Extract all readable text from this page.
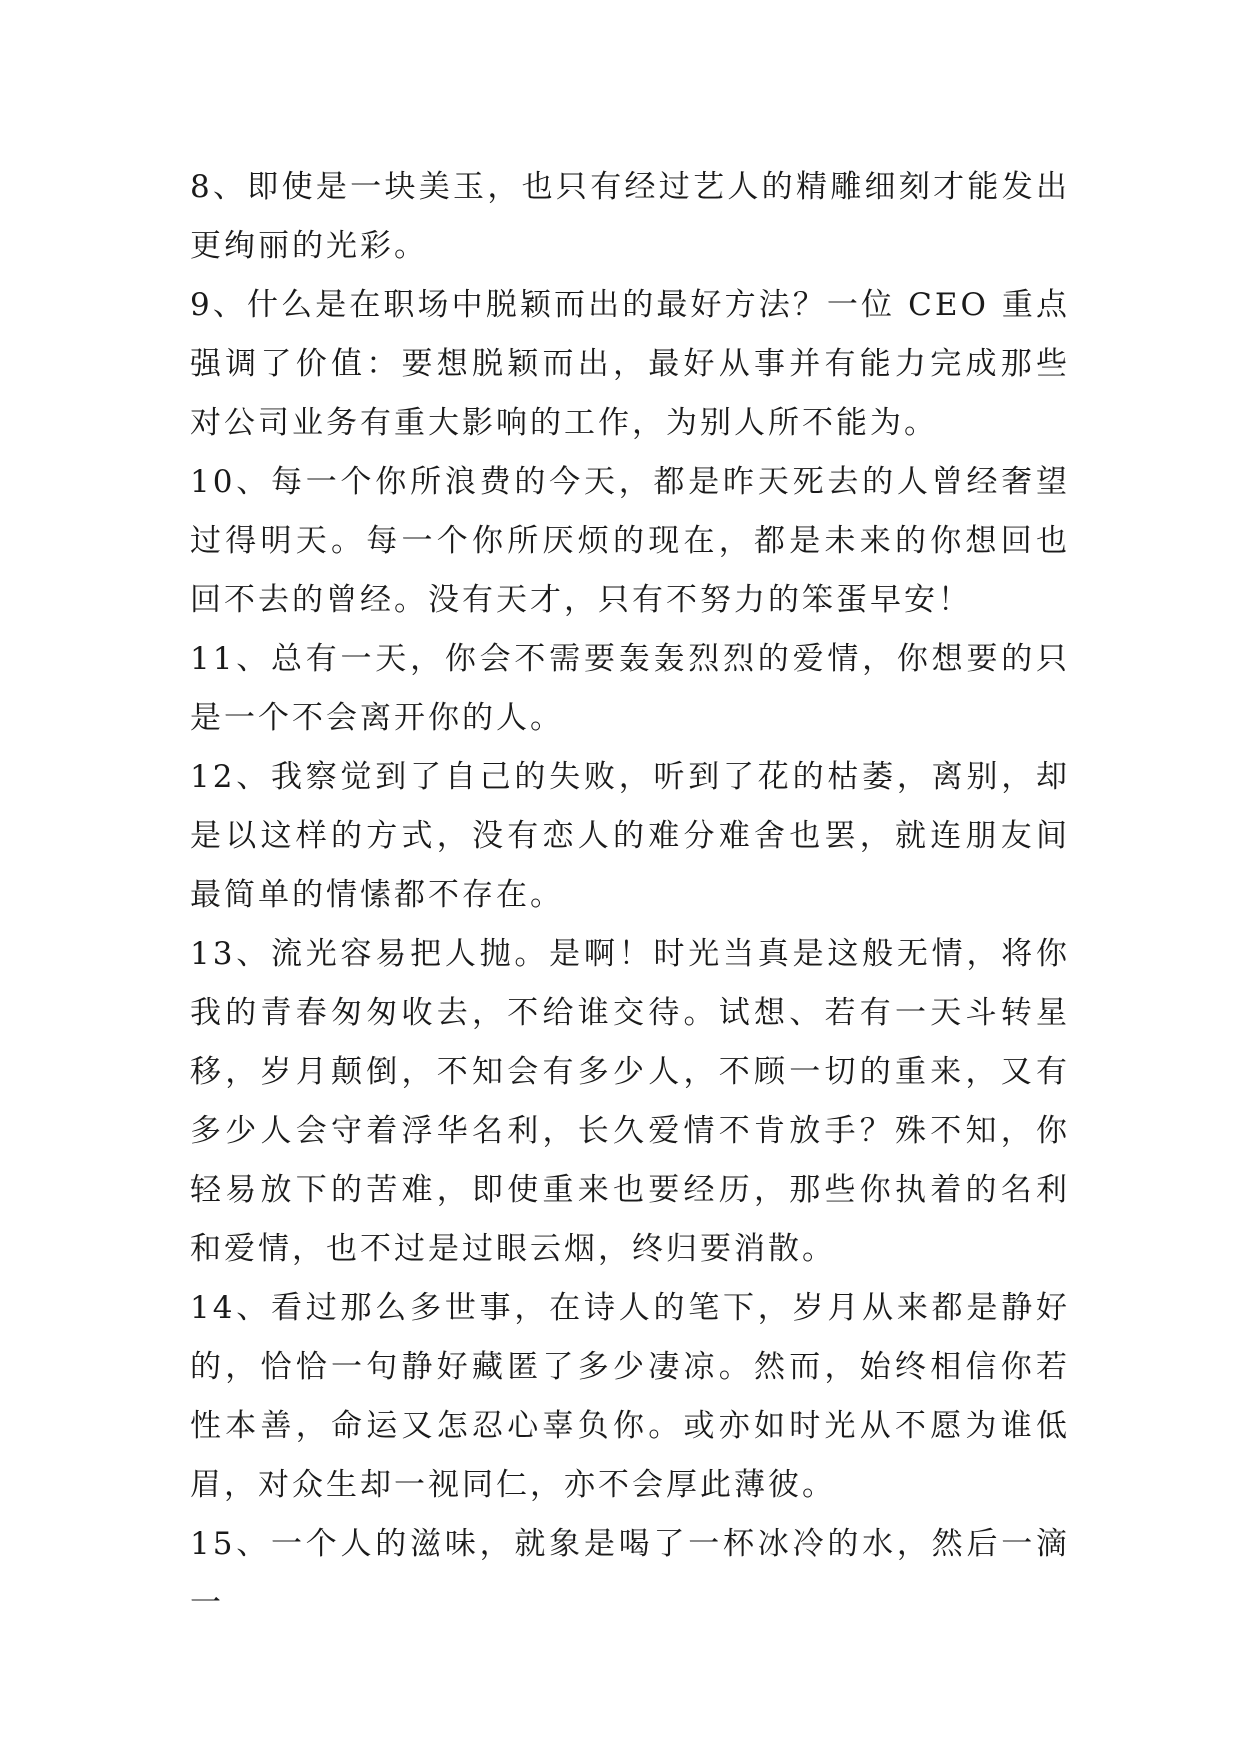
8、即使是一块美玉，也只有经过艺人的精雕细刻才能发出更绚丽的光彩。

9、什么是在职场中脱颖而出的最好方法？一位 CEO 重点强调了价值：要想脱颖而出，最好从事并有能力完成那些对公司业务有重大影响的工作，为别人所不能为。

10、每一个你所浪费的今天，都是昨天死去的人曾经奢望过得明天。每一个你所厌烦的现在，都是未来的你想回也回不去的曾经。没有天才，只有不努力的笨蛋早安！

11、总有一天，你会不需要轰轰烈烈的爱情，你想要的只是一个不会离开你的人。

12、我察觉到了自己的失败，听到了花的枯萎，离别，却是以这样的方式，没有恋人的难分难舍也罢，就连朋友间最简单的情愫都不存在。

13、流光容易把人抛。是啊！时光当真是这般无情，将你我的青春匆匆收去，不给谁交待。试想、若有一天斗转星移，岁月颠倒，不知会有多少人，不顾一切的重来，又有多少人会守着浮华名利，长久爱情不肯放手？殊不知，你轻易放下的苦难，即使重来也要经历，那些你执着的名利和爱情，也不过是过眼云烟，终归要消散。

14、看过那么多世事，在诗人的笔下，岁月从来都是静好的，恰恰一句静好藏匿了多少凄凉。然而，始终相信你若性本善，命运又怎忍心辜负你。或亦如时光从不愿为谁低眉，对众生却一视同仁，亦不会厚此薄彼。

15、一个人的滋味，就象是喝了一杯冰冷的水，然后一滴一
